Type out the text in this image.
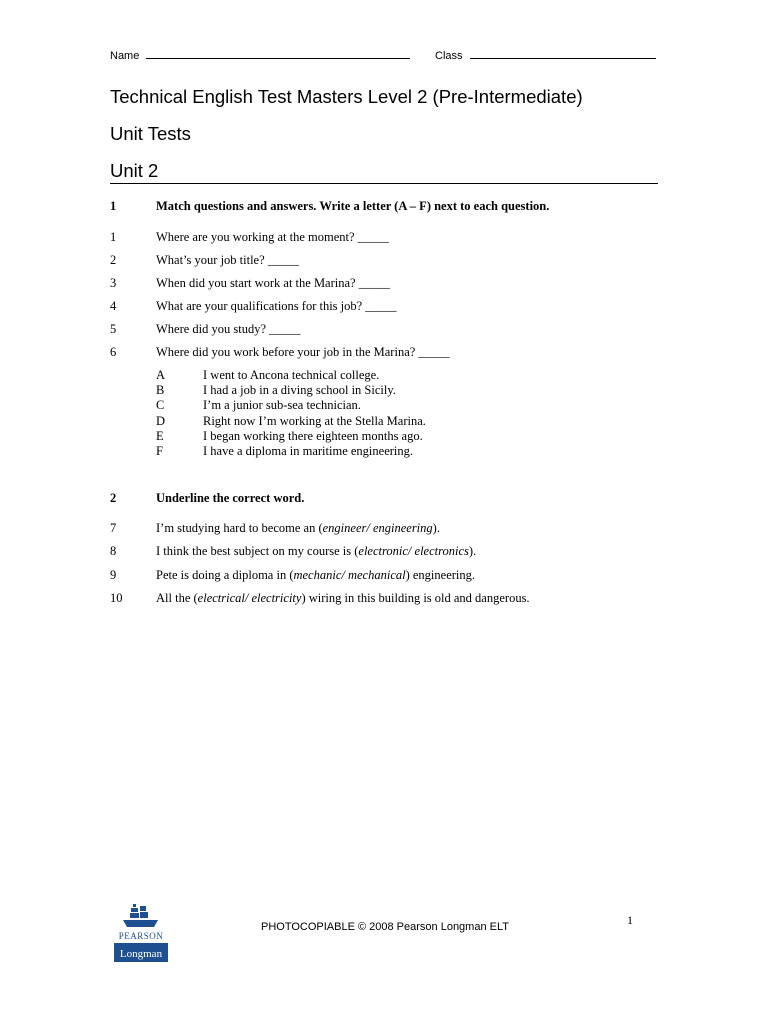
Name	Class
Technical English Test Masters Level 2 (Pre-Intermediate)
Unit Tests
Unit 2
1	Match questions and answers. Write a letter (A – F) next to each question.
1	Where are you working at the moment? _____
2	What’s your job title? _____
3	When did you start work at the Marina? _____
4	What are your qualifications for this job? _____
5	Where did you study? _____
6	Where did you work before your job in the Marina? _____
A	I went to Ancona technical college.
B	I had a job in a diving school in Sicily.
C	I’m a junior sub-sea technician.
D	Right now I’m working at the Stella Marina.
E	I began working there eighteen months ago.
F	I have a diploma in maritime engineering.
2	Underline the correct word.
7	I’m studying hard to become an (engineer/ engineering).
8	I think the best subject on my course is (electronic/ electronics).
9	Pete is doing a diploma in (mechanic/ mechanical) engineering.
10	All the (electrical/ electricity) wiring in this building is old and dangerous.
PEARSON
Longman
PHOTOCOPIABLE © 2008 Pearson Longman ELT	1
